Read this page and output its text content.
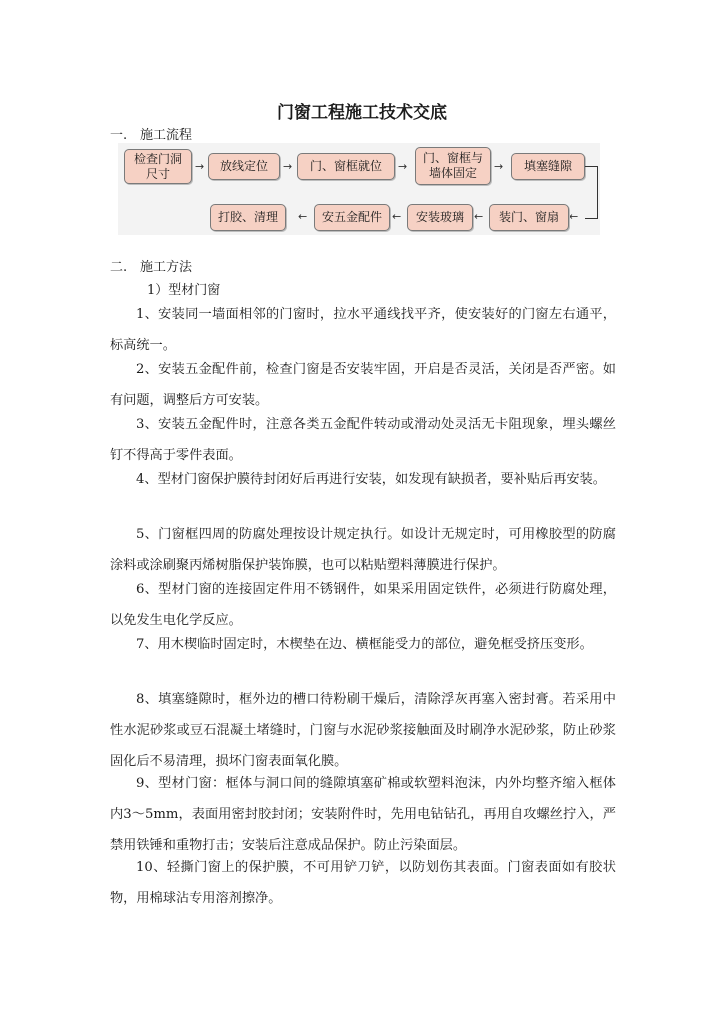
门窗工程施工技术交底
一. 施工流程
检查门洞尺寸	→	放线定位	→	门、窗框就位	→
门、窗框与墙体固定	→	填塞缝隙
←
装门、窗扇
←
安装玻璃
←
安五金配件
←
打胶、清理
二. 施工方法
1）型材门窗

1、安装同一墙面相邻的门窗时，拉水平通线找平齐，使安装好的门窗左右通平，标高统一。

2、安装五金配件前，检查门窗是否安装牢固，开启是否灵活，关闭是否严密。如有问题，调整后方可安装。

3、安装五金配件时，注意各类五金配件转动或滑动处灵活无卡阻现象，埋头螺丝钉不得高于零件表面。

4、型材门窗保护膜待封闭好后再进行安装，如发现有缺损者，要补贴后再安装。

5、门窗框四周的防腐处理按设计规定执行。如设计无规定时，可用橡胶型的防腐涂料或涂刷聚丙烯树脂保护装饰膜，也可以粘贴塑料薄膜进行保护。

6、型材门窗的连接固定件用不锈钢件，如果采用固定铁件，必须进行防腐处理，以免发生电化学反应。

7、用木楔临时固定时，木楔垫在边、横框能受力的部位，避免框受挤压变形。

8、填塞缝隙时，框外边的槽口待粉刷干燥后，清除浮灰再塞入密封膏。若采用中性水泥砂浆或豆石混凝土堵缝时，门窗与水泥砂浆接触面及时刷净水泥砂浆，防止砂浆固化后不易清理，损坏门窗表面氧化膜。

9、型材门窗：框体与洞口间的缝隙填塞矿棉或软塑料泡沫，内外均整齐缩入框体内3～5mm，表面用密封胶封闭；安装附件时，先用电钻钻孔，再用自攻螺丝拧入，严禁用铁锤和重物打击；安装后注意成品保护。防止污染面层。

10、轻撕门窗上的保护膜，不可用铲刀铲，以防划伤其表面。门窗表面如有胶状物，用棉球沾专用溶剂擦净。
